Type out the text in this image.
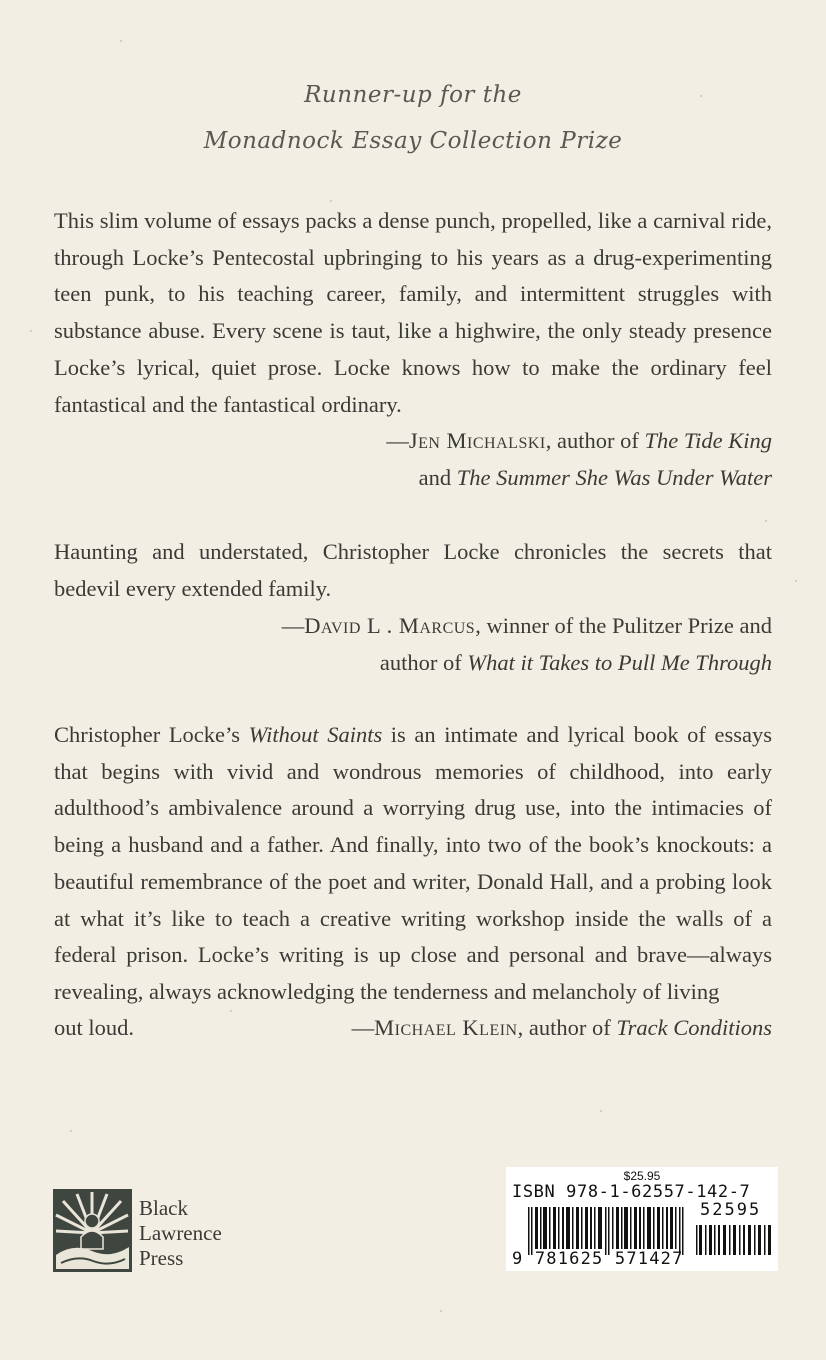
Runner-up for the
Monadnock Essay Collection Prize

This slim volume of essays packs a dense punch, propelled, like a carnival ride, through Locke’s Pentecostal upbringing to his years as a drug-experimenting teen punk, to his teaching career, family, and intermittent struggles with substance abuse. Every scene is taut, like a highwire, the only steady presence Locke’s lyrical, quiet prose. Locke knows how to make the ordinary feel fantastical and the fantastical ordinary.

—Jen Michalski, author of The Tide King

and The Summer She Was Under Water

Haunting and understated, Christopher Locke chronicles the secrets that bedevil every extended family.

—David L . Marcus, winner of the Pulitzer Prize and

author of What it Takes to Pull Me Through

Christopher Locke’s Without Saints is an intimate and lyrical book of essays that begins with vivid and wondrous memories of childhood, into early adulthood’s ambivalence around a worrying drug use, into the intimacies of being a husband and a father. And finally, into two of the book’s knockouts: a beautiful remembrance of the poet and writer, Donald Hall, and a probing look at what it’s like to teach a creative writing workshop inside the walls of a federal prison. Locke’s writing is up close and personal and brave—always revealing, always acknowledging the tenderness and melancholy of living

out loud.	—Michael Klein, author of Track Conditions
Black
Lawrence
Press
$25.95
ISBN 978-1-62557-142-7
52595
9 781625 571427
